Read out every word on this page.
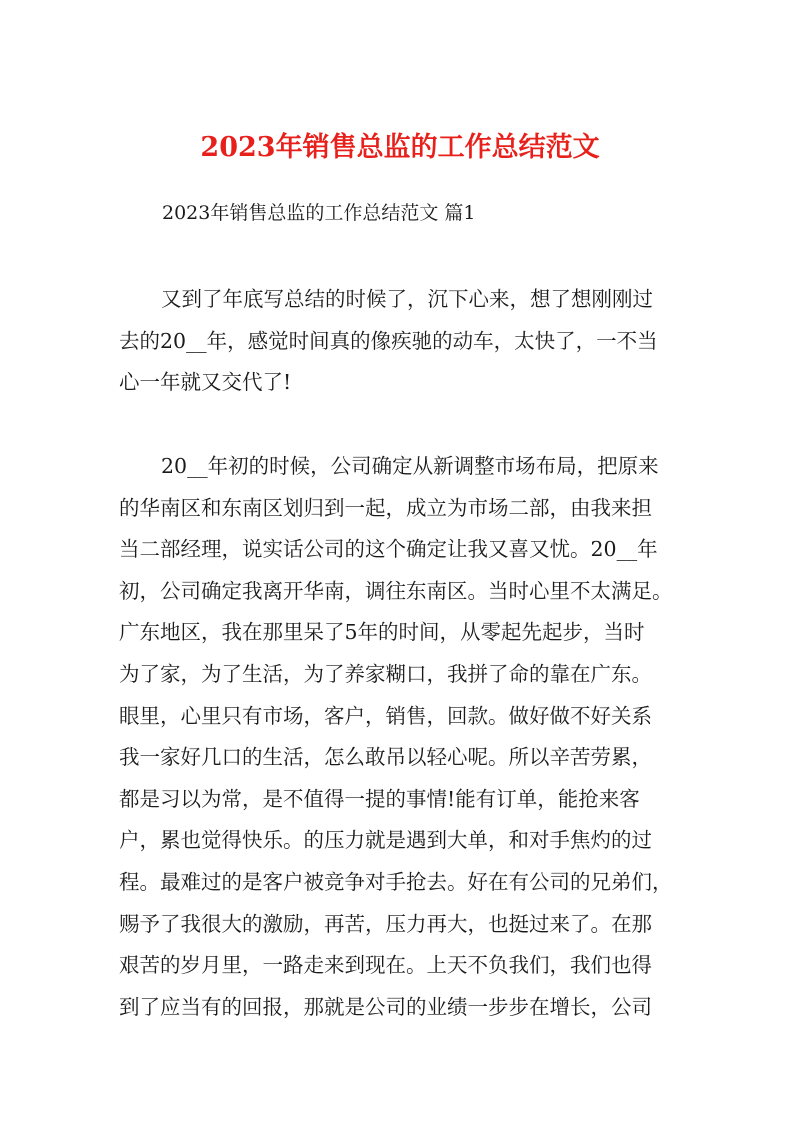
2023年销售总监的工作总结范文

2023年销售总监的工作总结范文 篇1

又到了年底写总结的时候了，沉下心来，想了想刚刚过
去的20__年，感觉时间真的像疾驰的动车，太快了，一不当
心一年就又交代了!
20__年初的时候，公司确定从新调整市场布局，把原来
的华南区和东南区划归到一起，成立为市场二部，由我来担
当二部经理，说实话公司的这个确定让我又喜又忧。20__年
初，公司确定我离开华南，调往东南区。当时心里不太满足。
广东地区，我在那里呆了5年的时间，从零起先起步，当时
为了家，为了生活，为了养家糊口，我拼了命的靠在广东。
眼里，心里只有市场，客户，销售，回款。做好做不好关系
我一家好几口的生活，怎么敢吊以轻心呢。所以辛苦劳累，
都是习以为常，是不值得一提的事情!能有订单，能抢来客
户，累也觉得快乐。的压力就是遇到大单，和对手焦灼的过
程。最难过的是客户被竞争对手抢去。好在有公司的兄弟们，
赐予了我很大的激励，再苦，压力再大，也挺过来了。在那
艰苦的岁月里，一路走来到现在。上天不负我们，我们也得
到了应当有的回报，那就是公司的业绩一步步在增长，公司
